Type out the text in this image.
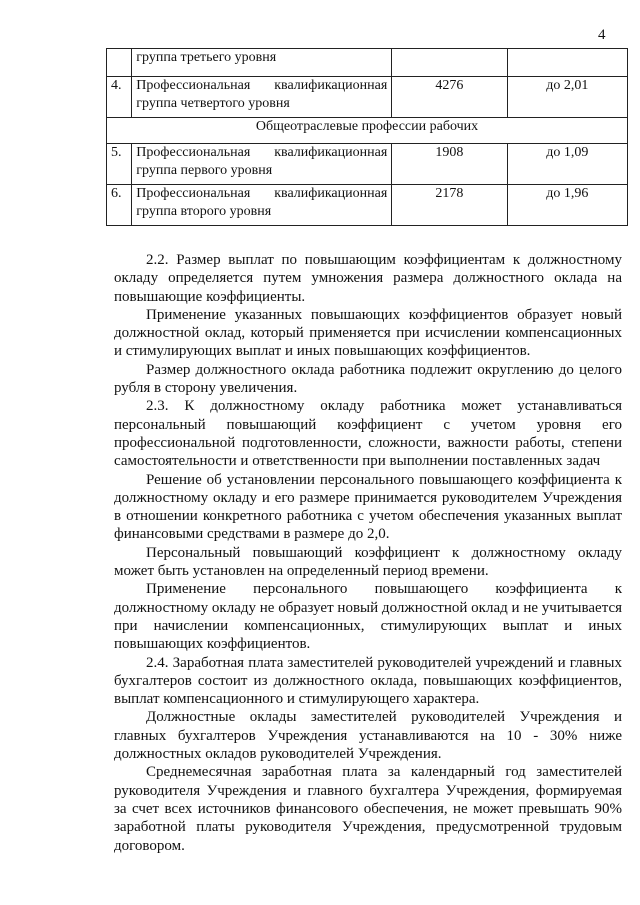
4
	группа третьего уровня		
4.	Профессиональная квалификационная
группа четвертого уровня	4276	до 2,01
Общеотраслевые профессии рабочих			
5.	Профессиональная квалификационная
группа первого уровня	1908	до 1,09
6.	Профессиональная квалификационная
группа второго уровня	2178	до 1,96

2.2. Размер выплат по повышающим коэффициентам к должностному окладу определяется путем умножения размера должностного оклада на повышающие коэффициенты.

Применение указанных повышающих коэффициентов образует новый должностной оклад, который применяется при исчислении компенсационных и стимулирующих выплат и иных повышающих коэффициентов.

Размер должностного оклада работника подлежит округлению до целого рубля в сторону увеличения.

2.3. К должностному окладу работника может устанавливаться персональный повышающий коэффициент с учетом уровня его профессиональной подготовленности, сложности, важности работы, степени самостоятельности и ответственности при выполнении поставленных задач

Решение об установлении персонального повышающего коэффициента к должностному окладу и его размере принимается руководителем Учреждения в отношении конкретного работника с учетом обеспечения указанных выплат финансовыми средствами в размере до 2,0.

Персональный повышающий коэффициент к должностному окладу может быть установлен на определенный период времени.

Применение персонального повышающего коэффициента к должностному окладу не образует новый должностной оклад и не учитывается при начислении компенсационных, стимулирующих выплат и иных повышающих коэффициентов.

2.4. Заработная плата заместителей руководителей учреждений и главных бухгалтеров состоит из должностного оклада, повышающих коэффициентов, выплат компенсационного и стимулирующего характера.

Должностные оклады заместителей руководителей Учреждения и главных бухгалтеров Учреждения устанавливаются на 10 - 30% ниже должностных окладов руководителей Учреждения.

Среднемесячная заработная плата за календарный год заместителей руководителя Учреждения и главного бухгалтера Учреждения, формируемая за счет всех источников финансового обеспечения, не может превышать 90% заработной платы руководителя Учреждения, предусмотренной трудовым договором.
